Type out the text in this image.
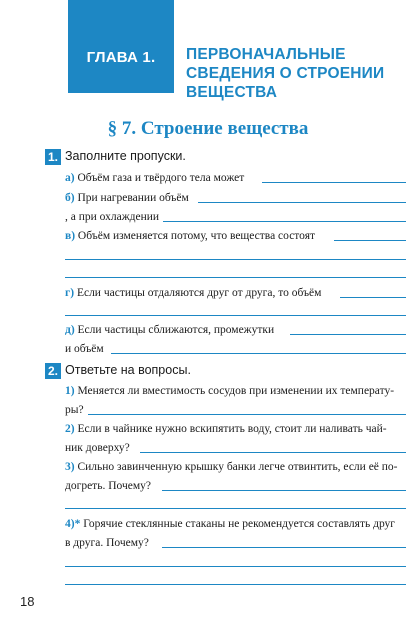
ГЛАВА 1.	ПЕРВОНАЧАЛЬНЫЕ
СВЕДЕНИЯ О СТРОЕНИИ
ВЕЩЕСТВА
§ 7. Строение вещества
1. Заполните пропуски.
а) Объём газа и твёрдого тела может
б) При нагревании объём
, а при охлаждении
в) Объём изменяется потому, что вещества состоят
г) Если частицы отдаляются друг от друга, то объём
д) Если частицы сближаются, промежутки
и объём
2. Ответьте на вопросы.
1) Меняется ли вместимость сосудов при изменении их температу-
ры?
2) Если в чайнике нужно вскипятить воду, стоит ли наливать чай-
ник доверху?
3) Сильно завинченную крышку банки легче отвинтить, если её по-
догреть. Почему?
4)* Горячие стеклянные стаканы не рекомендуется составлять друг
в друга. Почему?
18
